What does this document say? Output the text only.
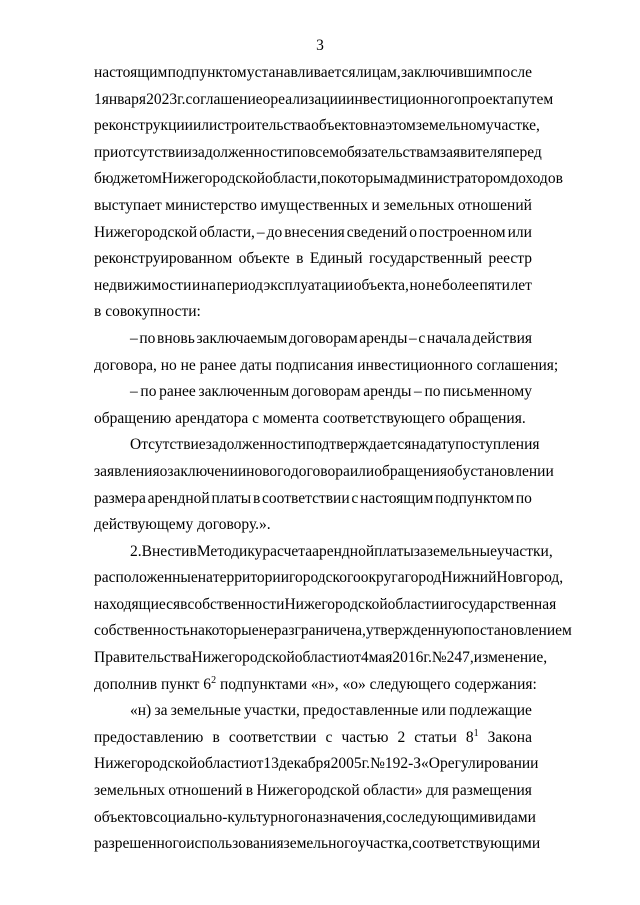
3
настоящим подпунктом устанавливается лицам, заключившим после
1 января 2023 г. соглашение о реализации инвестиционного проекта путем
реконструкции или строительства объектов на этом земельном участке,
при отсутствии задолженности по всем обязательствам заявителя перед
бюджетом Нижегородской области, по которым администратором доходов
выступает министерство имущественных и земельных отношений
Нижегородской области, – до внесения сведений о построенном или
реконструированном объекте в Единый государственный реестр
недвижимости и на период эксплуатации объекта, но не более пяти лет
в совокупности:
– по вновь заключаемым договорам аренды – с начала действия
договора, но не ранее даты подписания инвестиционного соглашения;
– по ранее заключенным договорам аренды – по письменному
обращению арендатора с момента соответствующего обращения.
Отсутствие задолженности подтверждается на дату поступления
заявления о заключении нового договора или обращения об установлении
размера арендной платы в соответствии с настоящим подпунктом по
действующему договору.».
2. Внести в Методику расчета арендной платы за земельные участки,
расположенные на территории городского округа город Нижний Новгород,
находящиеся в собственности Нижегородской области и государственная
собственность на которые не разграничена, утвержденную постановлением
Правительства Нижегородской области от 4 мая 2016 г. № 247, изменение,
дополнив пункт $6^2$ подпунктами «н», «о» следующего содержания:
«н) за земельные участки, предоставленные или подлежащие
предоставлению в соответствии с частью 2 статьи $8^1$ Закона
Нижегородской области от 13 декабря 2005 г. № 192-З «О регулировании
земельных отношений в Нижегородской области» для размещения
объектов социально-культурного назначения, со следующими видами
разрешенного использования земельного участка, соответствующими
